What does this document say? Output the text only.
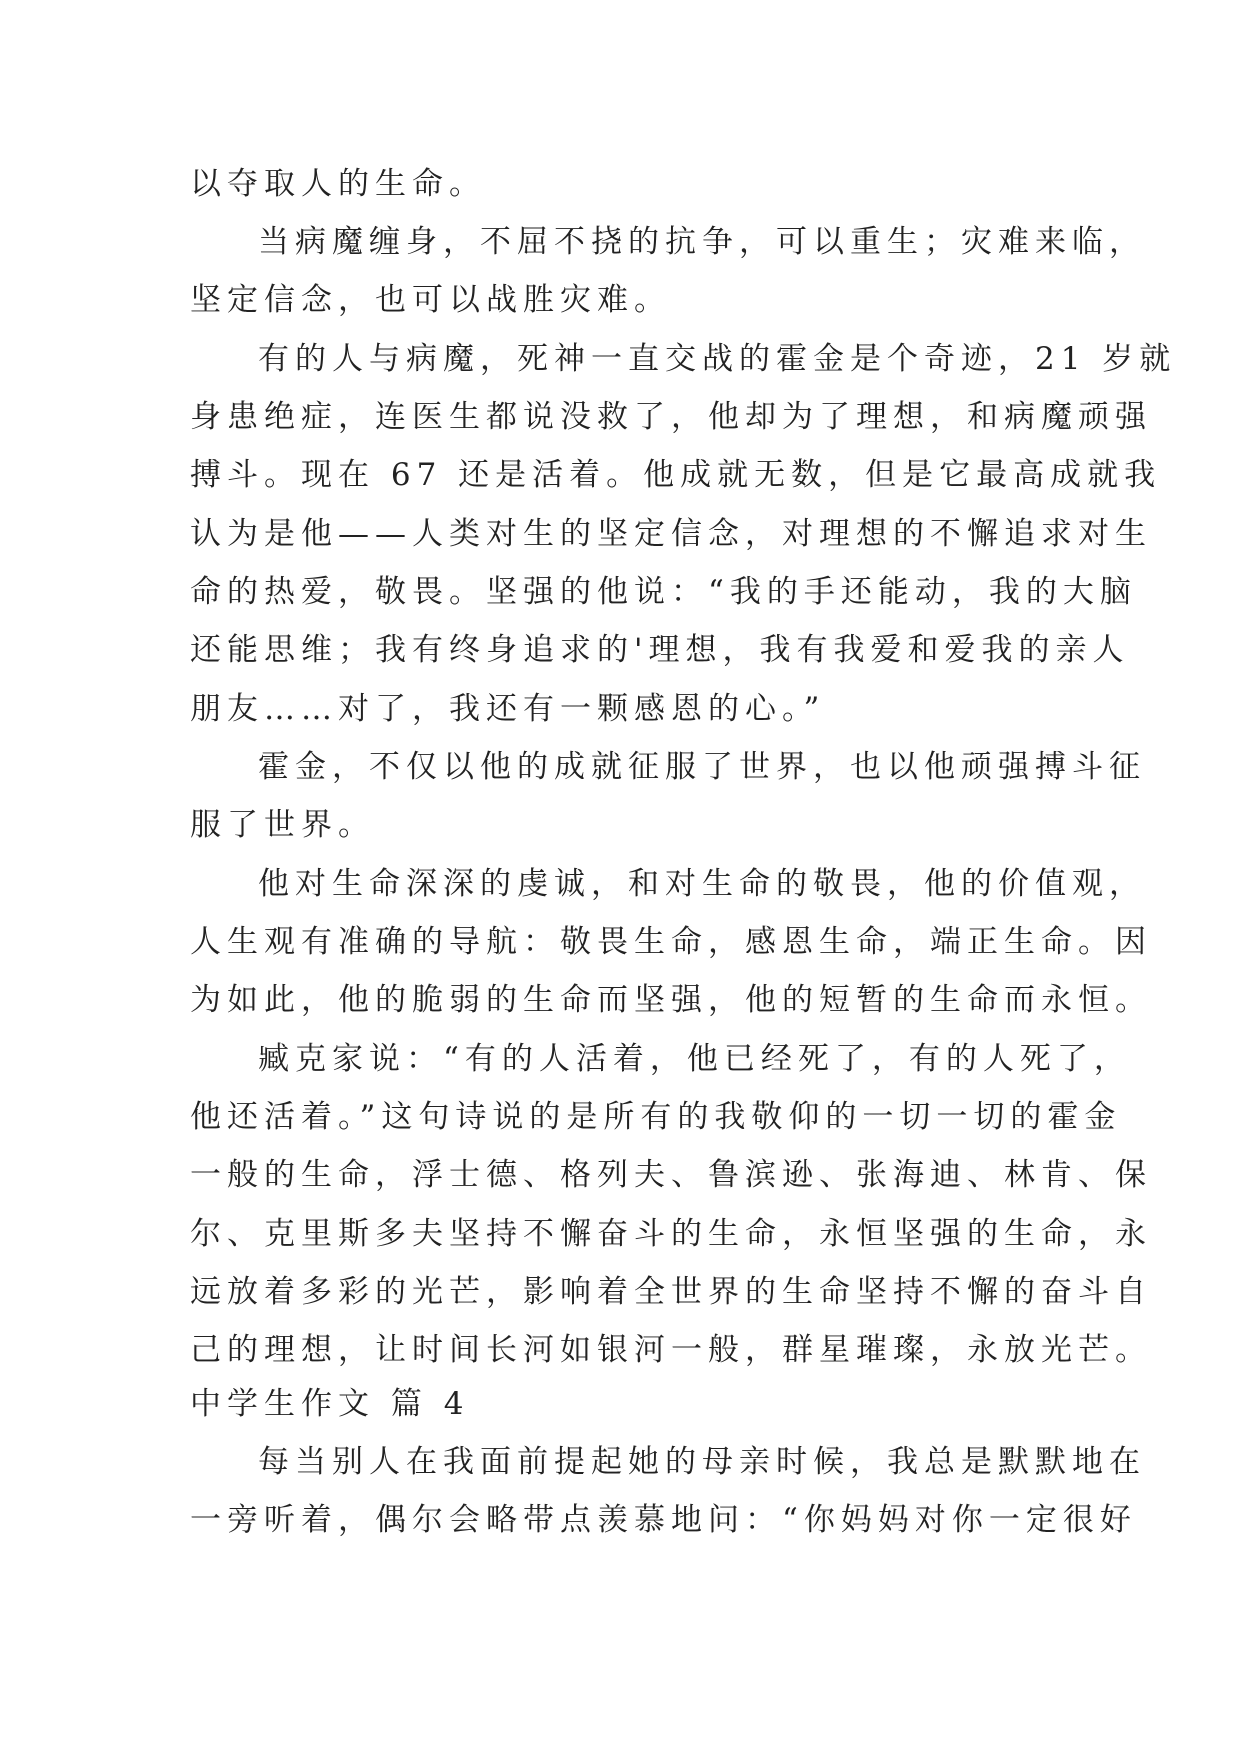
以夺取人的生命。
当病魔缠身，不屈不挠的抗争，可以重生；灾难来临，
坚定信念，也可以战胜灾难。
有的人与病魔，死神一直交战的霍金是个奇迹，21 岁就
身患绝症，连医生都说没救了，他却为了理想，和病魔顽强
搏斗。现在 67 还是活着。他成就无数，但是它最高成就我
认为是他——人类对生的坚定信念，对理想的不懈追求对生
命的热爱，敬畏。坚强的他说：“我的手还能动，我的大脑
还能思维；我有终身追求的'理想，我有我爱和爱我的亲人
朋友……对了，我还有一颗感恩的心。”
霍金，不仅以他的成就征服了世界，也以他顽强搏斗征
服了世界。
他对生命深深的虔诚，和对生命的敬畏，他的价值观，
人生观有准确的导航：敬畏生命，感恩生命，端正生命。因
为如此，他的脆弱的生命而坚强，他的短暂的生命而永恒。
臧克家说：“有的人活着，他已经死了，有的人死了，
他还活着。”这句诗说的是所有的我敬仰的一切一切的霍金
一般的生命，浮士德、格列夫、鲁滨逊、张海迪、林肯、保
尔、克里斯多夫坚持不懈奋斗的生命，永恒坚强的生命，永
远放着多彩的光芒，影响着全世界的生命坚持不懈的奋斗自
己的理想，让时间长河如银河一般，群星璀璨，永放光芒。
中学生作文 篇 4
每当别人在我面前提起她的母亲时候，我总是默默地在
一旁听着，偶尔会略带点羡慕地问：“你妈妈对你一定很好
